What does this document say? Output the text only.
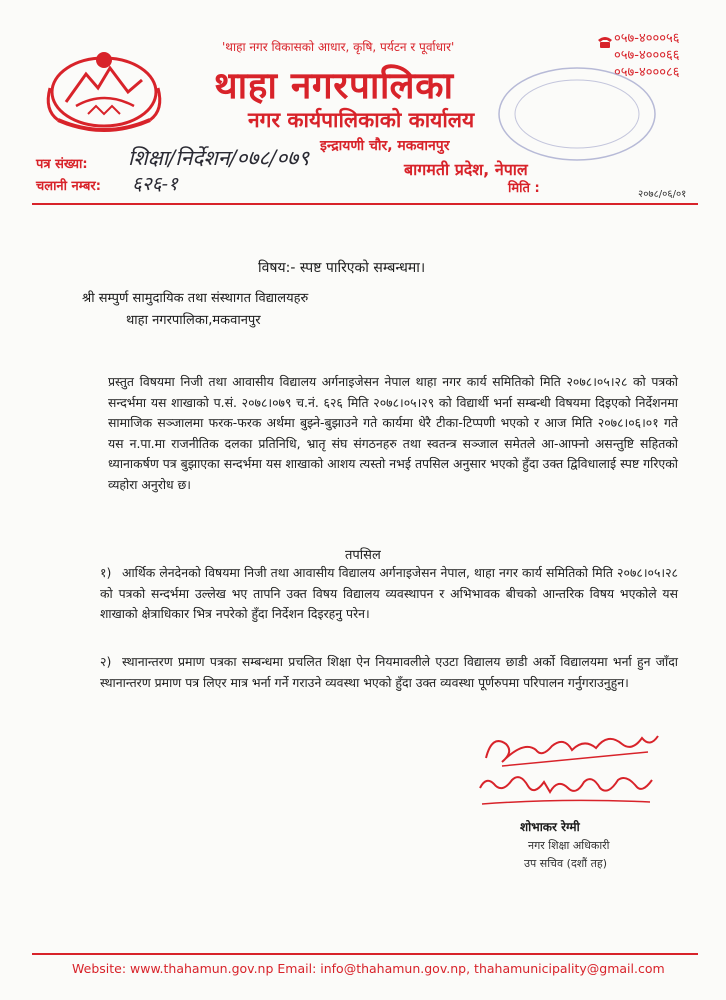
'थाहा नगर विकासको आधार, कृषि, पर्यटन र पूर्वाधार'
थाहा नगरपालिका
नगर कार्यपालिकाको कार्यालय
इन्द्रायणी चौर, मकवानपुर
बागमती प्रदेश, नेपाल
०५७-४०००५६
०५७-४०००६६
०५७-४०००८६
पत्र संख्या: शिक्षा/निर्देशन/०७८/०७९
चलानी नम्बर: ६२६-१	मिति :	२०७८/०६/०१
विषय:- स्पष्ट पारिएको सम्बन्धमा।
श्री सम्पुर्ण सामुदायिक तथा संस्थागत विद्यालयहरु
थाहा नगरपालिका,मकवानपुर
प्रस्तुत विषयमा निजी तथा आवासीय विद्यालय अर्गनाइजेसन नेपाल थाहा नगर कार्य समितिको मिति २०७८।०५।२८ को पत्रको सन्दर्भमा यस शाखाको प.सं. २०७८।०७९ च.नं. ६२६ मिति २०७८।०५।२९ को विद्यार्थी भर्ना सम्बन्धी विषयमा दिइएको निर्देशनमा सामाजिक सञ्जालमा फरक-फरक अर्थमा बुझ्ने-बुझाउने गते कार्यमा धेरै टीका-टिप्पणी भएको र आज मिति २०७८।०६।०१ गते यस न.पा.मा राजनीतिक दलका प्रतिनिधि, भ्रातृ संघ संगठनहरु तथा स्वतन्त्र सञ्जाल समेतले आ-आफ्नो असन्तुष्टि सहितको ध्यानाकर्षण पत्र बुझाएका सन्दर्भमा यस शाखाको आशय त्यस्तो नभई तपसिल अनुसार भएको हुँदा उक्त द्विविधालाई स्पष्ट गरिएको व्यहोरा अनुरोध छ।
तपसिल
१) आर्थिक लेनदेनको विषयमा निजी तथा आवासीय विद्यालय अर्गनाइजेसन नेपाल, थाहा नगर कार्य समितिको मिति २०७८।०५।२८ को पत्रको सन्दर्भमा उल्लेख भए तापनि उक्त विषय विद्यालय व्यवस्थापन र अभिभावक बीचको आन्तरिक विषय भएकोले यस शाखाको क्षेत्राधिकार भित्र नपरेको हुँदा निर्देशन दिइरहनु परेन।
२) स्थानान्तरण प्रमाण पत्रका सम्बन्धमा प्रचलित शिक्षा ऐन नियमावलीले एउटा विद्यालय छाडी अर्को विद्यालयमा भर्ना हुन जाँदा स्थानान्तरण प्रमाण पत्र लिएर मात्र भर्ना गर्ने गराउने व्यवस्था भएको हुँदा उक्त व्यवस्था पूर्णरुपमा परिपालन गर्नुगराउनुहुन।
शोभाकर रेग्मी
नगर शिक्षा अधिकारी
उप सचिव (दशौं तह)
Website: www.thahamun.gov.np Email: info@thahamun.gov.np, thahamunicipality@gmail.com
